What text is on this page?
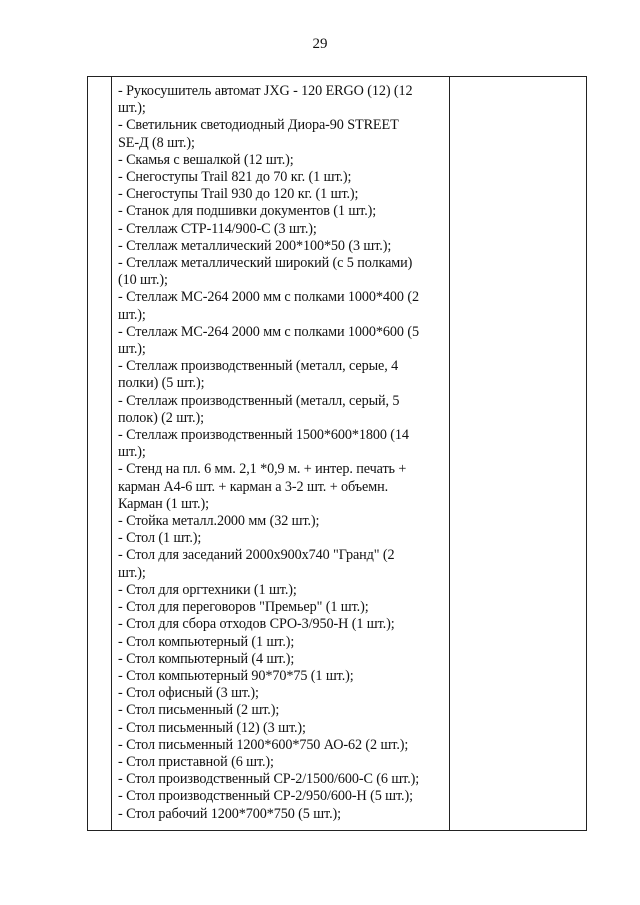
29
- Рукосушитель автомат JXG - 120 ERGO (12) (12
шт.);
- Светильник светодиодный Диора-90 STREET
SE-Д (8 шт.);
- Скамья с вешалкой (12 шт.);
- Снегоступы Trail 821 до 70 кг. (1 шт.);
- Снегоступы Trail 930 до 120 кг. (1 шт.);
- Станок для подшивки документов (1 шт.);
- Стеллаж СТР-114/900-С (3 шт.);
- Стеллаж металлический 200*100*50 (3 шт.);
- Стеллаж металлический широкий (с 5 полками)
(10 шт.);
- Стеллаж МС-264 2000 мм с полками 1000*400 (2
шт.);
- Стеллаж МС-264 2000 мм с полками 1000*600 (5
шт.);
- Стеллаж производственный (металл, серые, 4
полки) (5 шт.);
- Стеллаж производственный (металл, серый, 5
полок) (2 шт.);
- Стеллаж производственный 1500*600*1800 (14
шт.);
- Стенд на пл. 6 мм. 2,1 *0,9 м. + интер. печать +
карман А4-6 шт. + карман а 3-2 шт. + объемн.
Карман (1 шт.);
- Стойка металл.2000 мм (32 шт.);
- Стол (1 шт.);
- Стол для заседаний 2000х900х740 "Гранд" (2
шт.);
- Стол для оргтехники (1 шт.);
- Стол для переговоров "Премьер" (1 шт.);
- Стол для сбора отходов СРО-3/950-Н (1 шт.);
- Стол компьютерный (1 шт.);
- Стол компьютерный (4 шт.);
- Стол компьютерный 90*70*75 (1 шт.);
- Стол офисный (3 шт.);
- Стол письменный (2 шт.);
- Стол письменный (12) (3 шт.);
- Стол письменный 1200*600*750 АО-62 (2 шт.);
- Стол приставной (6 шт.);
- Стол производственный СР-2/1500/600-С (6 шт.);
- Стол производственный СР-2/950/600-Н (5 шт.);
- Стол рабочий 1200*700*750 (5 шт.);
